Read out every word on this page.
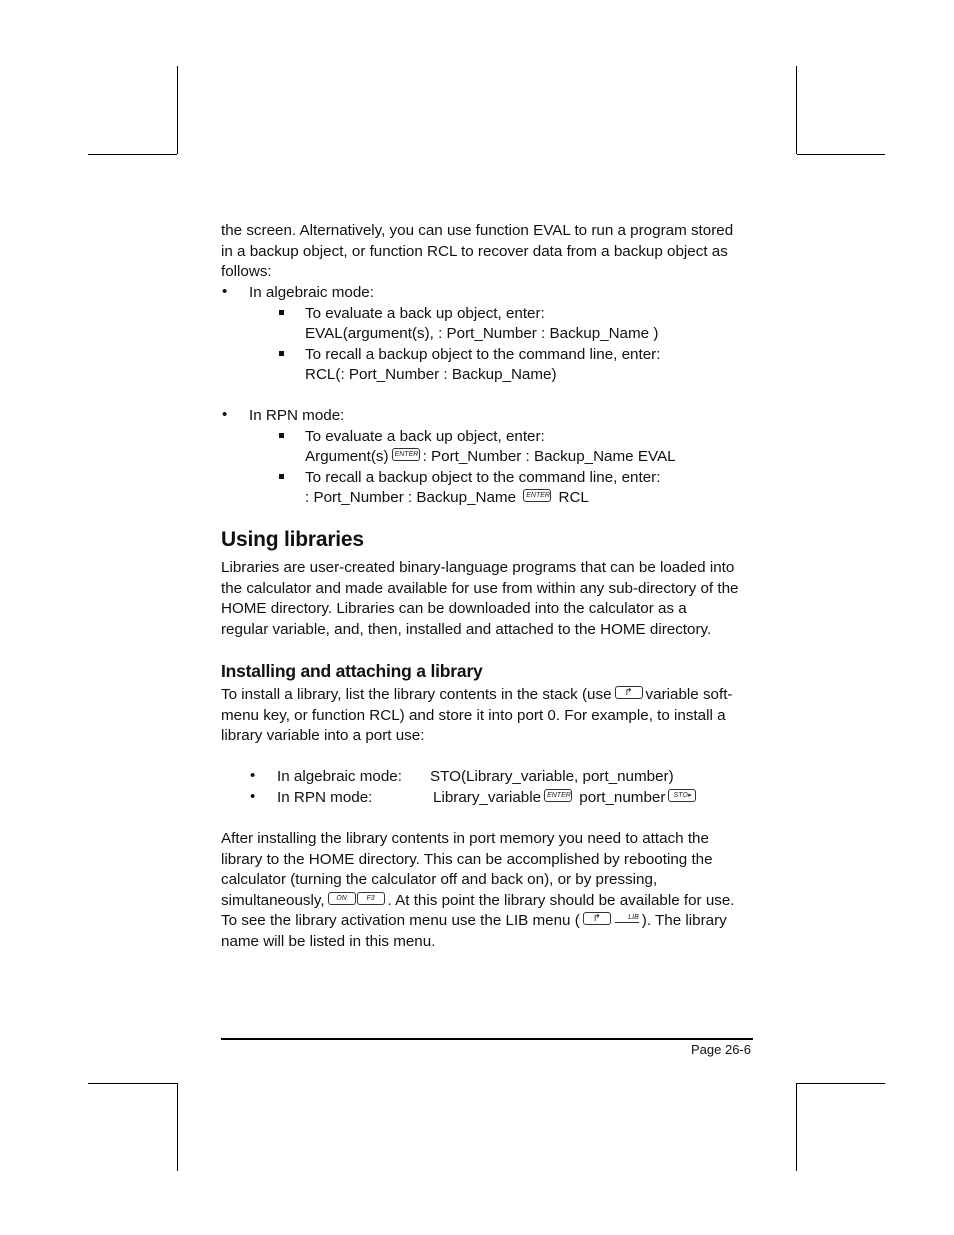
the screen. Alternatively, you can use function EVAL to run a program stored
in a backup object, or function RCL to recover data from a backup object as
follows:
• In algebraic mode:
To evaluate a back up object, enter:
EVAL(argument(s), : Port_Number : Backup_Name )
To recall a backup object to the command line, enter:
RCL(: Port_Number : Backup_Name)
• In RPN mode:
To evaluate a back up object, enter:
Argument(s) ENTER : Port_Number : Backup_Name EVAL
To recall a backup object to the command line, enter:
: Port_Number : Backup_Name ENTER RCL
Using libraries
Libraries are user-created binary-language programs that can be loaded into
the calculator and made available for use from within any sub-directory of the
HOME directory. Libraries can be downloaded into the calculator as a
regular variable, and, then, installed and attached to the HOME directory.
Installing and attaching a library
To install a library, list the library contents in the stack (use ↱ variable soft-
menu key, or function RCL) and store it into port 0. For example, to install a
library variable into a port use:
• In algebraic mode: STO(Library_variable, port_number)
• In RPN mode:	Library_variable ENTER port_number STO▸
After installing the library contents in port memory you need to attach the
library to the HOME directory. This can be accomplished by rebooting the
calculator (turning the calculator off and back on), or by pressing,
simultaneously, ON	F3 . At this point the library should be available for use.
To see the library activation menu use the LIB menu ( ↱	LIB ). The library
name will be listed in this menu.
Page 26-6
